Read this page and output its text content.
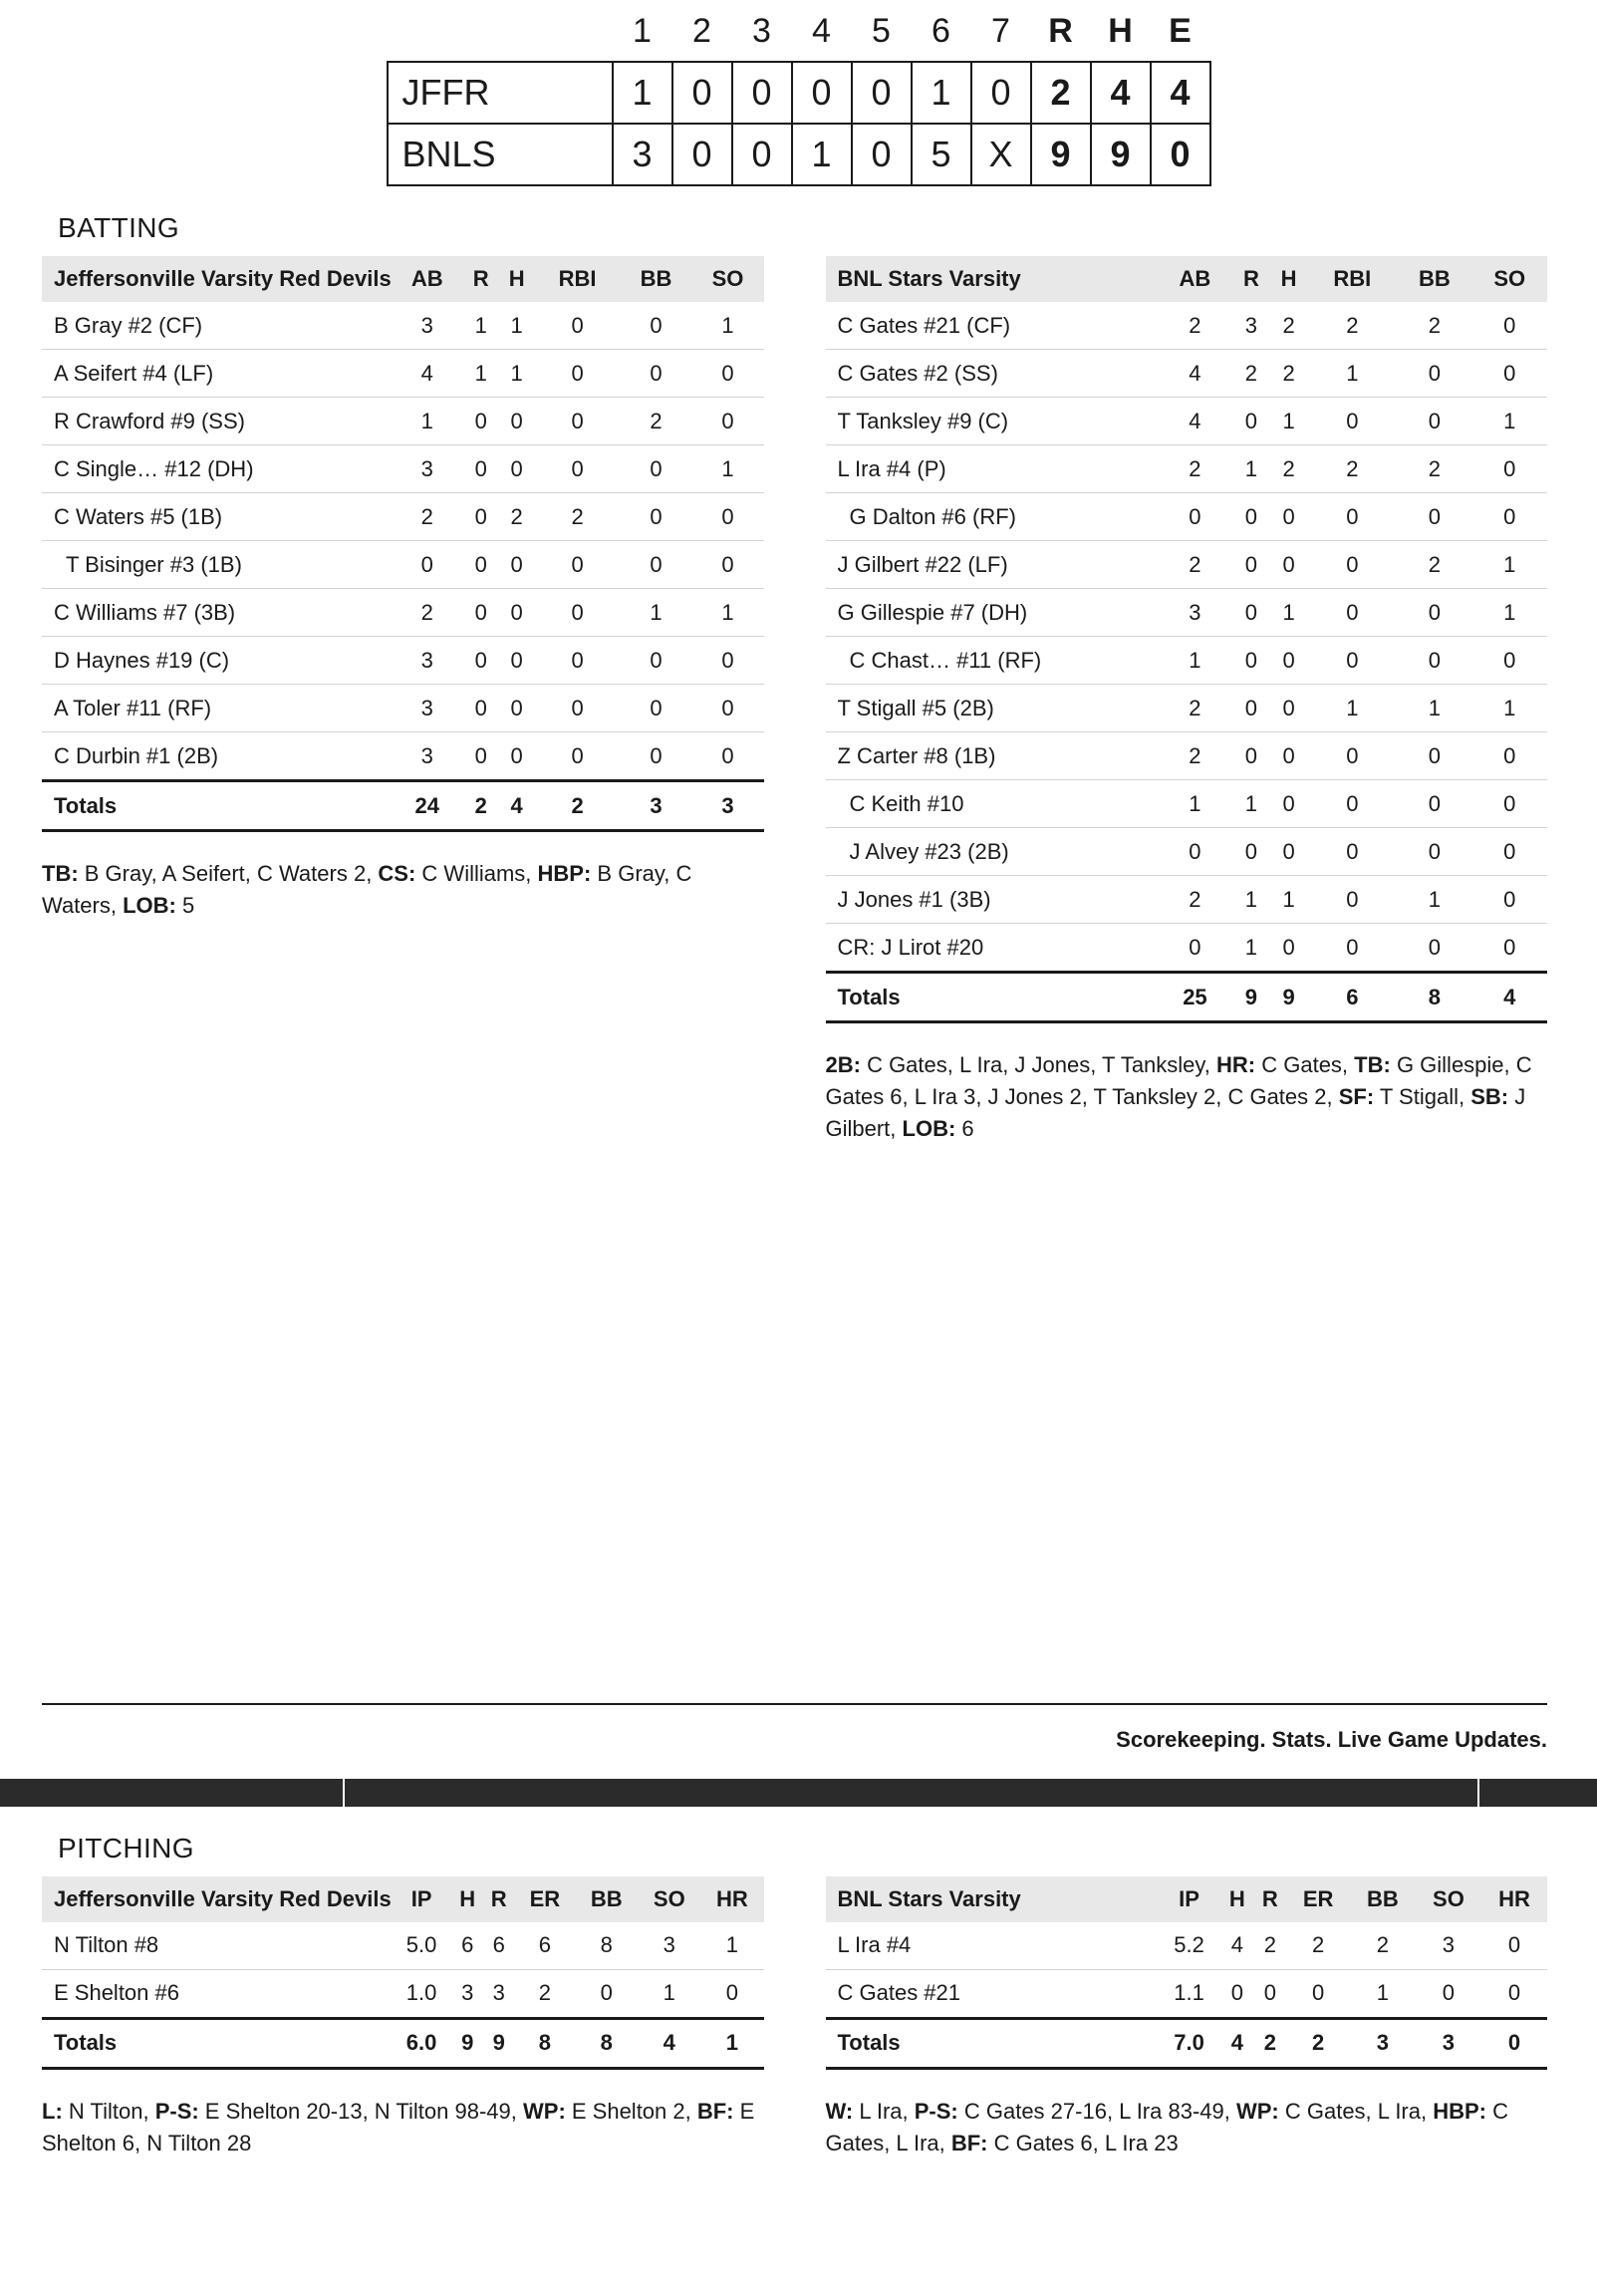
	1	2	3	4	5	6	7	R	H	E
JFFR	1	0	0	0	0	1	0	2	4	4
BNLS	3	0	0	1	0	5	X	9	9	0
BATTING
Jeffersonville Varsity Red Devils	AB	R	H	RBI	BB	SO
B Gray #2 (CF)	3	1	1	0	0	1
A Seifert #4 (LF)	4	1	1	0	0	0
R Crawford #9 (SS)	1	0	0	0	2	0
C Single… #12 (DH)	3	0	0	0	0	1
C Waters #5 (1B)	2	0	2	2	0	0
T Bisinger #3 (1B)	0	0	0	0	0	0
C Williams #7 (3B)	2	0	0	0	1	1
D Haynes #19 (C)	3	0	0	0	0	0
A Toler #11 (RF)	3	0	0	0	0	0
C Durbin #1 (2B)	3	0	0	0	0	0
Totals	24	2	4	2	3	3
TB: B Gray, A Seifert, C Waters 2, CS: C Williams, HBP: B Gray, C Waters, LOB: 5
BNL Stars Varsity	AB	R	H	RBI	BB	SO
C Gates #21 (CF)	2	3	2	2	2	0
C Gates #2 (SS)	4	2	2	1	0	0
T Tanksley #9 (C)	4	0	1	0	0	1
L Ira #4 (P)	2	1	2	2	2	0
G Dalton #6 (RF)	0	0	0	0	0	0
J Gilbert #22 (LF)	2	0	0	0	2	1
G Gillespie #7 (DH)	3	0	1	0	0	1
C Chast… #11 (RF)	1	0	0	0	0	0
T Stigall #5 (2B)	2	0	0	1	1	1
Z Carter #8 (1B)	2	0	0	0	0	0
C Keith #10	1	1	0	0	0	0
J Alvey #23 (2B)	0	0	0	0	0	0
J Jones #1 (3B)	2	1	1	0	1	0
CR: J Lirot #20	0	1	0	0	0	0
Totals	25	9	9	6	8	4
2B: C Gates, L Ira, J Jones, T Tanksley, HR: C Gates, TB: G Gillespie, C Gates 6, L Ira 3, J Jones 2, T Tanksley 2, C Gates 2, SF: T Stigall, SB: J Gilbert, LOB: 6
Scorekeeping. Stats. Live Game Updates.
PITCHING
Jeffersonville Varsity Red Devils	IP	H	R	ER	BB	SO	HR
N Tilton #8	5.0	6	6	6	8	3	1
E Shelton #6	1.0	3	3	2	0	1	0
Totals	6.0	9	9	8	8	4	1
L: N Tilton, P-S: E Shelton 20-13, N Tilton 98-49, WP: E Shelton 2, BF: E Shelton 6, N Tilton 28
BNL Stars Varsity	IP	H	R	ER	BB	SO	HR
L Ira #4	5.2	4	2	2	2	3	0
C Gates #21	1.1	0	0	0	1	0	0
Totals	7.0	4	2	2	3	3	0
W: L Ira, P-S: C Gates 27-16, L Ira 83-49, WP: C Gates, L Ira, HBP: C Gates, L Ira, BF: C Gates 6, L Ira 23
